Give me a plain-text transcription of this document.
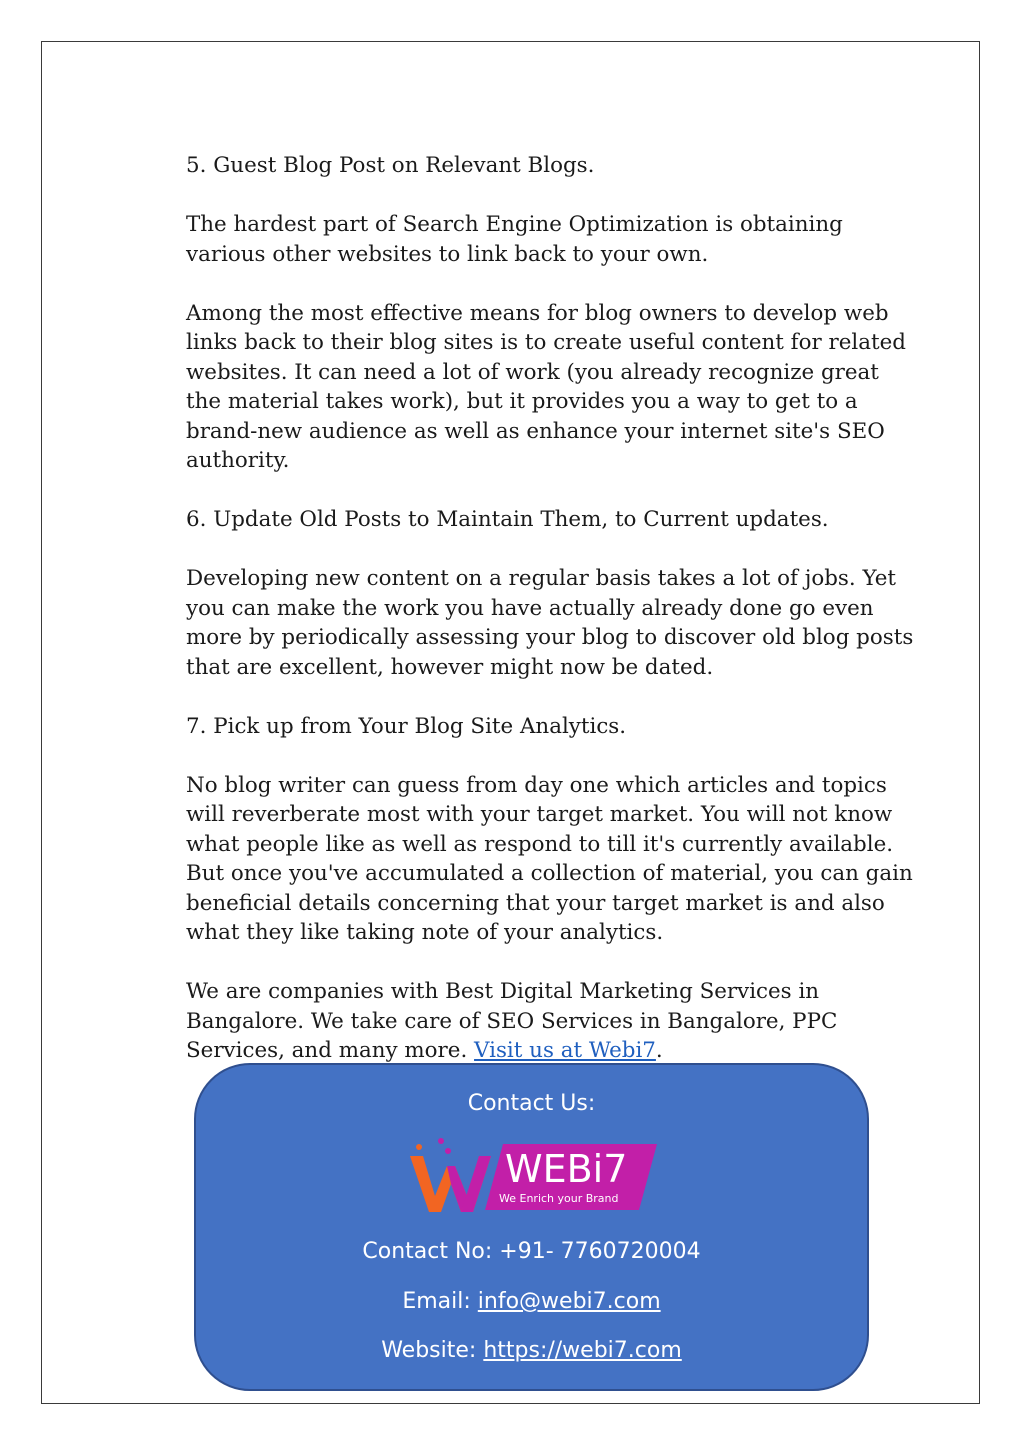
5. Guest Blog Post on Relevant Blogs.

The hardest part of Search Engine Optimization is obtaining various other websites to link back to your own.

Among the most effective means for blog owners to develop web links back to their blog sites is to create useful content for related websites. It can need a lot of work (you already recognize great the material takes work), but it provides you a way to get to a brand-new audience as well as enhance your internet site's SEO authority.

6. Update Old Posts to Maintain Them, to Current updates.

Developing new content on a regular basis takes a lot of jobs. Yet you can make the work you have actually already done go even more by periodically assessing your blog to discover old blog posts that are excellent, however might now be dated.

7. Pick up from Your Blog Site Analytics.

No blog writer can guess from day one which articles and topics will reverberate most with your target market. You will not know what people like as well as respond to till it's currently available. But once you've accumulated a collection of material, you can gain beneficial details concerning that your target market is and also what they like taking note of your analytics.

We are companies with Best Digital Marketing Services in Bangalore. We take care of SEO Services in Bangalore, PPC Services, and many more. Visit us at Webi7.

Contact Us:
WEBi7
We Enrich your Brand
Contact No: +91- 7760720004
Email: info@webi7.com
Website: https://webi7.com
